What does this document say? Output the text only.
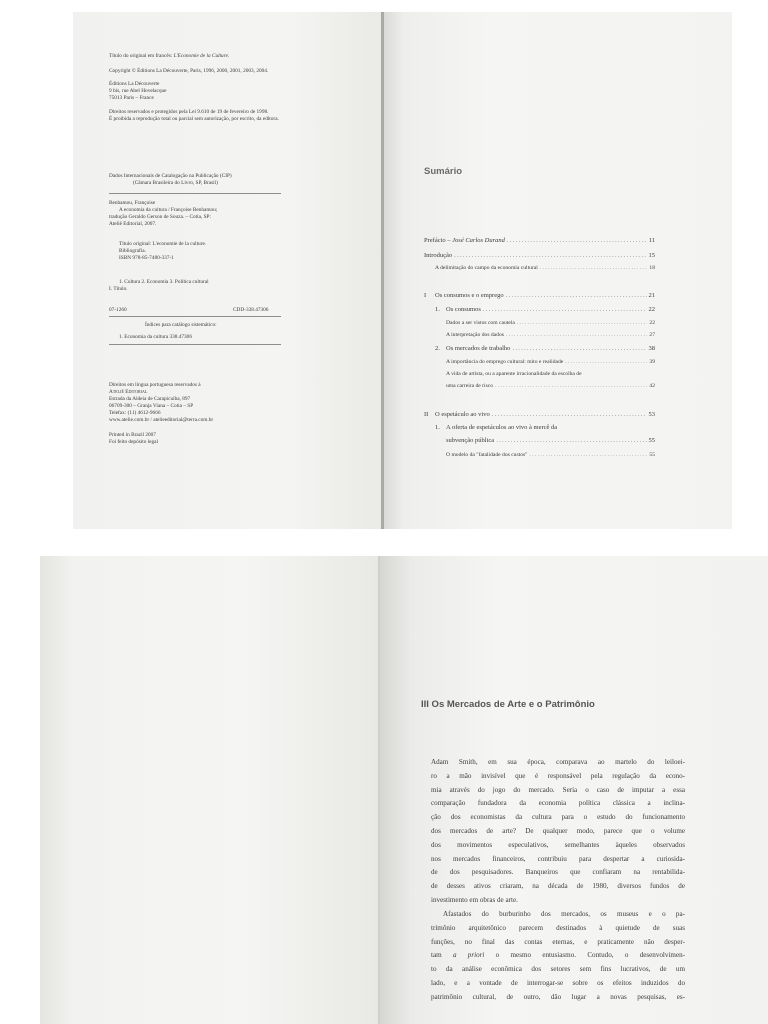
Título do original em francês: L'Economie de la Culture.
Copyright © Éditions La Découverte, Paris, 1996, 2000, 2001, 2003, 2004.
Éditions La Découverte
9 bis, rue Abel Hovelacque
75013 Paris – France
Direitos reservados e protegidos pela Lei 9.610 de 19 de fevereiro de 1998.
É proibida a reprodução total ou parcial sem autorização, por escrito, da editora.
Dados Internacionais de Catalogação na Publicação (CIP)
(Câmara Brasileira do Livro, SP, Brasil)
Benhamou, Françoise
A economia da cultura / Françoise Benhamou;
tradução Geraldo Gerson de Souza. – Cotia, SP:
Ateliê Editorial, 2007.
Título original: L'economie de la culture.
Bibliografia.
ISBN 978-85-7480-337-1
1. Cultura 2. Economia 3. Política cultural
I. Título.
07-1260	CDD-338.47306
Índices para catálogo sistemático:
1. Economia da cultura 338.47306
Direitos em língua portuguesa reservados à
Ateliê Editorial
Estrada da Aldeia de Carapicuíba, 897
06709-300 – Granja Viana – Cotia – SP
Telefax: (11) 4612-9666
www.atelie.com.br / atelieeditorial@terra.com.br
Printed in Brazil 2007
Foi feito depósito legal
Sumário
Prefácio – José Carlos Durand .....	11
Introdução .....	15
A delimitação do campo da economia cultural .....	18
I Os consumos e o emprego .....	21
1. Os consumos .....	22
Dados a ser vistos com cautela .....	22
A interpretação dos dados .....	27
2. Os mercados de trabalho .....	38
A importância do emprego cultural: mito e realidade .....	39
A vida de artista, ou a aparente irracionalidade da escolha de
uma carreira de risco .....	42
II O espetáculo ao vivo .....	53
1. A oferta de espetáculos ao vivo à mercê da
subvenção pública .....	55
O modelo da "fatalidade dos custos" .....	55
III Os Mercados de Arte e o Patrimônio
Adam Smith, em sua época, comparava ao martelo do leiloei-
ro a mão invisível que é responsável pela regulação da econo-
mia através do jogo do mercado. Seria o caso de imputar a essa
comparação fundadora da economia política clássica a inclina-
ção dos economistas da cultura para o estudo do funcionamento
dos mercados de arte? De qualquer modo, parece que o volume
dos movimentos especulativos, semelhantes àqueles observados
nos mercados financeiros, contribuiu para despertar a curiosida-
de dos pesquisadores. Banqueiros que confiaram na rentabilida-
de desses ativos criaram, na década de 1980, diversos fundos de
investimento em obras de arte.
Afastados do burburinho dos mercados, os museus e o pa-
trimônio arquitetônico parecem destinados à quietude de suas
funções, no final das contas eternas, e praticamente não desper-
tam a priori o mesmo entusiasmo. Contudo, o desenvolvimen-
to da análise econômica dos setores sem fins lucrativos, de um
lado, e a vontade de interrogar-se sobre os efeitos induzidos do
patrimônio cultural, de outro, dão lugar a novas pesquisas, es-
